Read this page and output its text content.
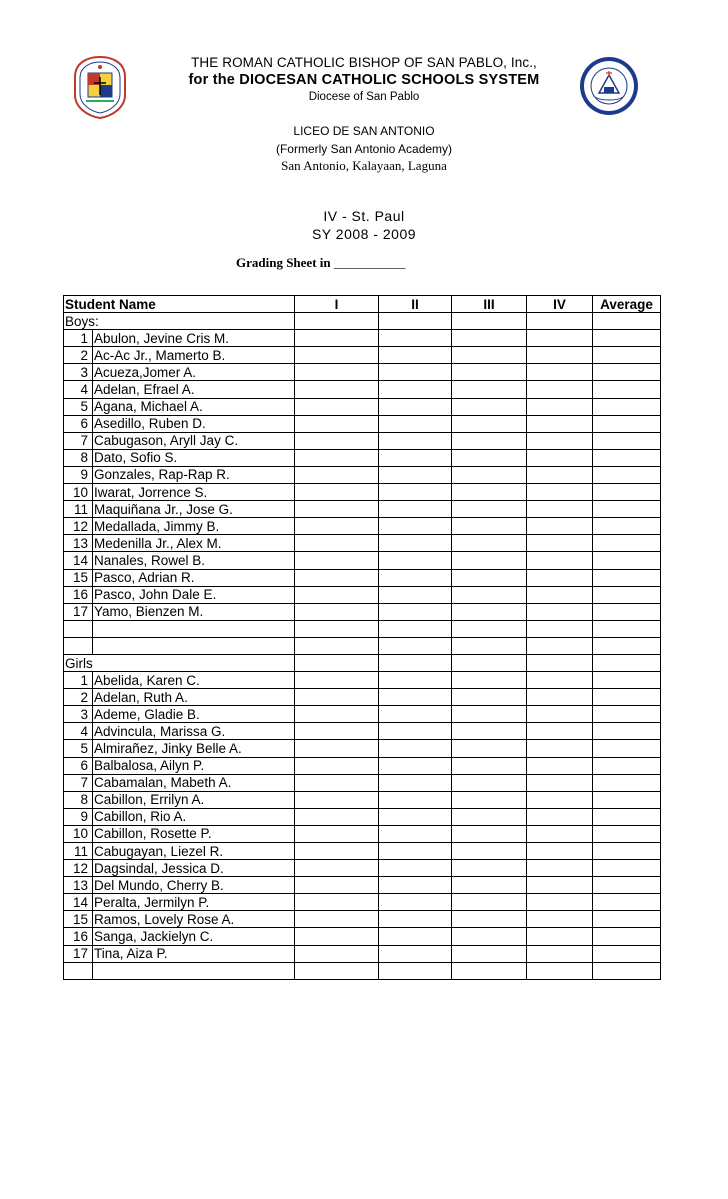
THE ROMAN CATHOLIC BISHOP OF SAN PABLO, Inc.,
for the DIOCESAN CATHOLIC SCHOOLS SYSTEM
Diocese of San Pablo
LICEO DE SAN ANTONIO
(Formerly San Antonio Academy)
San Antonio, Kalayaan, Laguna
IV - St. Paul
SY 2008 - 2009
Grading Sheet in ___________
Student Name		I	II	III	IV	Average
Boys:						
1	Abulon, Jevine Cris M.					
2	Ac-Ac Jr., Mamerto B.					
3	Acueza,Jomer A.					
4	Adelan, Efrael A.					
5	Agana, Michael A.					
6	Asedillo, Ruben D.					
7	Cabugason, Aryll Jay C.					
8	Dato, Sofio S.					
9	Gonzales, Rap-Rap R.					
10	Iwarat, Jorrence S.					
11	Maquiñana Jr., Jose G.					
12	Medallada, Jimmy B.					
13	Medenilla Jr., Alex M.					
14	Nanales, Rowel B.					
15	Pasco, Adrian R.					
16	Pasco, John Dale E.					
17	Yamo, Bienzen M.					

Girls						
1	Abelida, Karen C.					
2	Adelan, Ruth A.					
3	Ademe, Gladie B.					
4	Advincula, Marissa G.					
5	Almirañez, Jinky Belle A.					
6	Balbalosa, Ailyn P.					
7	Cabamalan, Mabeth A.					
8	Cabillon, Errilyn A.					
9	Cabillon, Rio A.					
10	Cabillon, Rosette P.					
11	Cabugayan, Liezel R.					
12	Dagsindal, Jessica D.					
13	Del Mundo, Cherry B.					
14	Peralta, Jermilyn P.					
15	Ramos, Lovely Rose A.					
16	Sanga, Jackielyn C.					
17	Tina, Aiza P.					
